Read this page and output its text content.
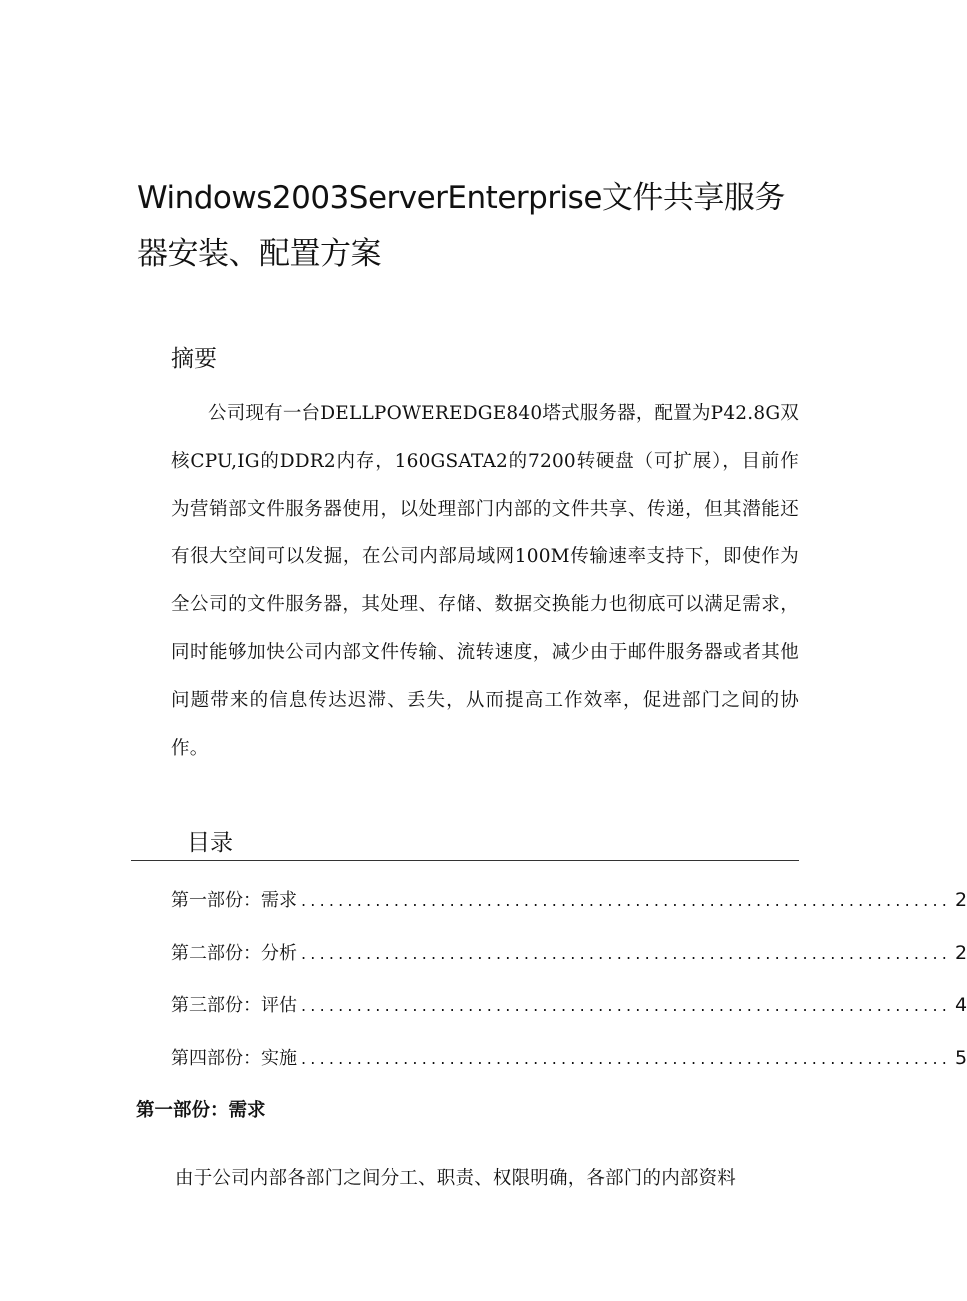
Windows2003ServerEnterprise文件共享服务器安装、配置方案
摘要

公司现有一台DELLPOWEREDGE840塔式服务器，配置为P42.8G双核CPU,IG的DDR2内存，160GSATA2的7200转硬盘（可扩展），目前作为营销部文件服务器使用，以处理部门内部的文件共享、传递，但其潜能还有很大空间可以发掘，在公司内部局域网100M传输速率支持下，即使作为全公司的文件服务器，其处理、存储、数据交换能力也彻底可以满足需求，同时能够加快公司内部文件传输、流转速度，减少由于邮件服务器或者其他问题带来的信息传达迟滞、丢失，从而提高工作效率，促进部门之间的协作。

目录
第一部份：需求 ...................................................................... 2
第二部份：分析 ...................................................................... 2
第三部份：评估 ...................................................................... 4
第四部份：实施 ...................................................................... 5
第一部份：需求

由于公司内部各部门之间分工、职责、权限明确，各部门的内部资料
